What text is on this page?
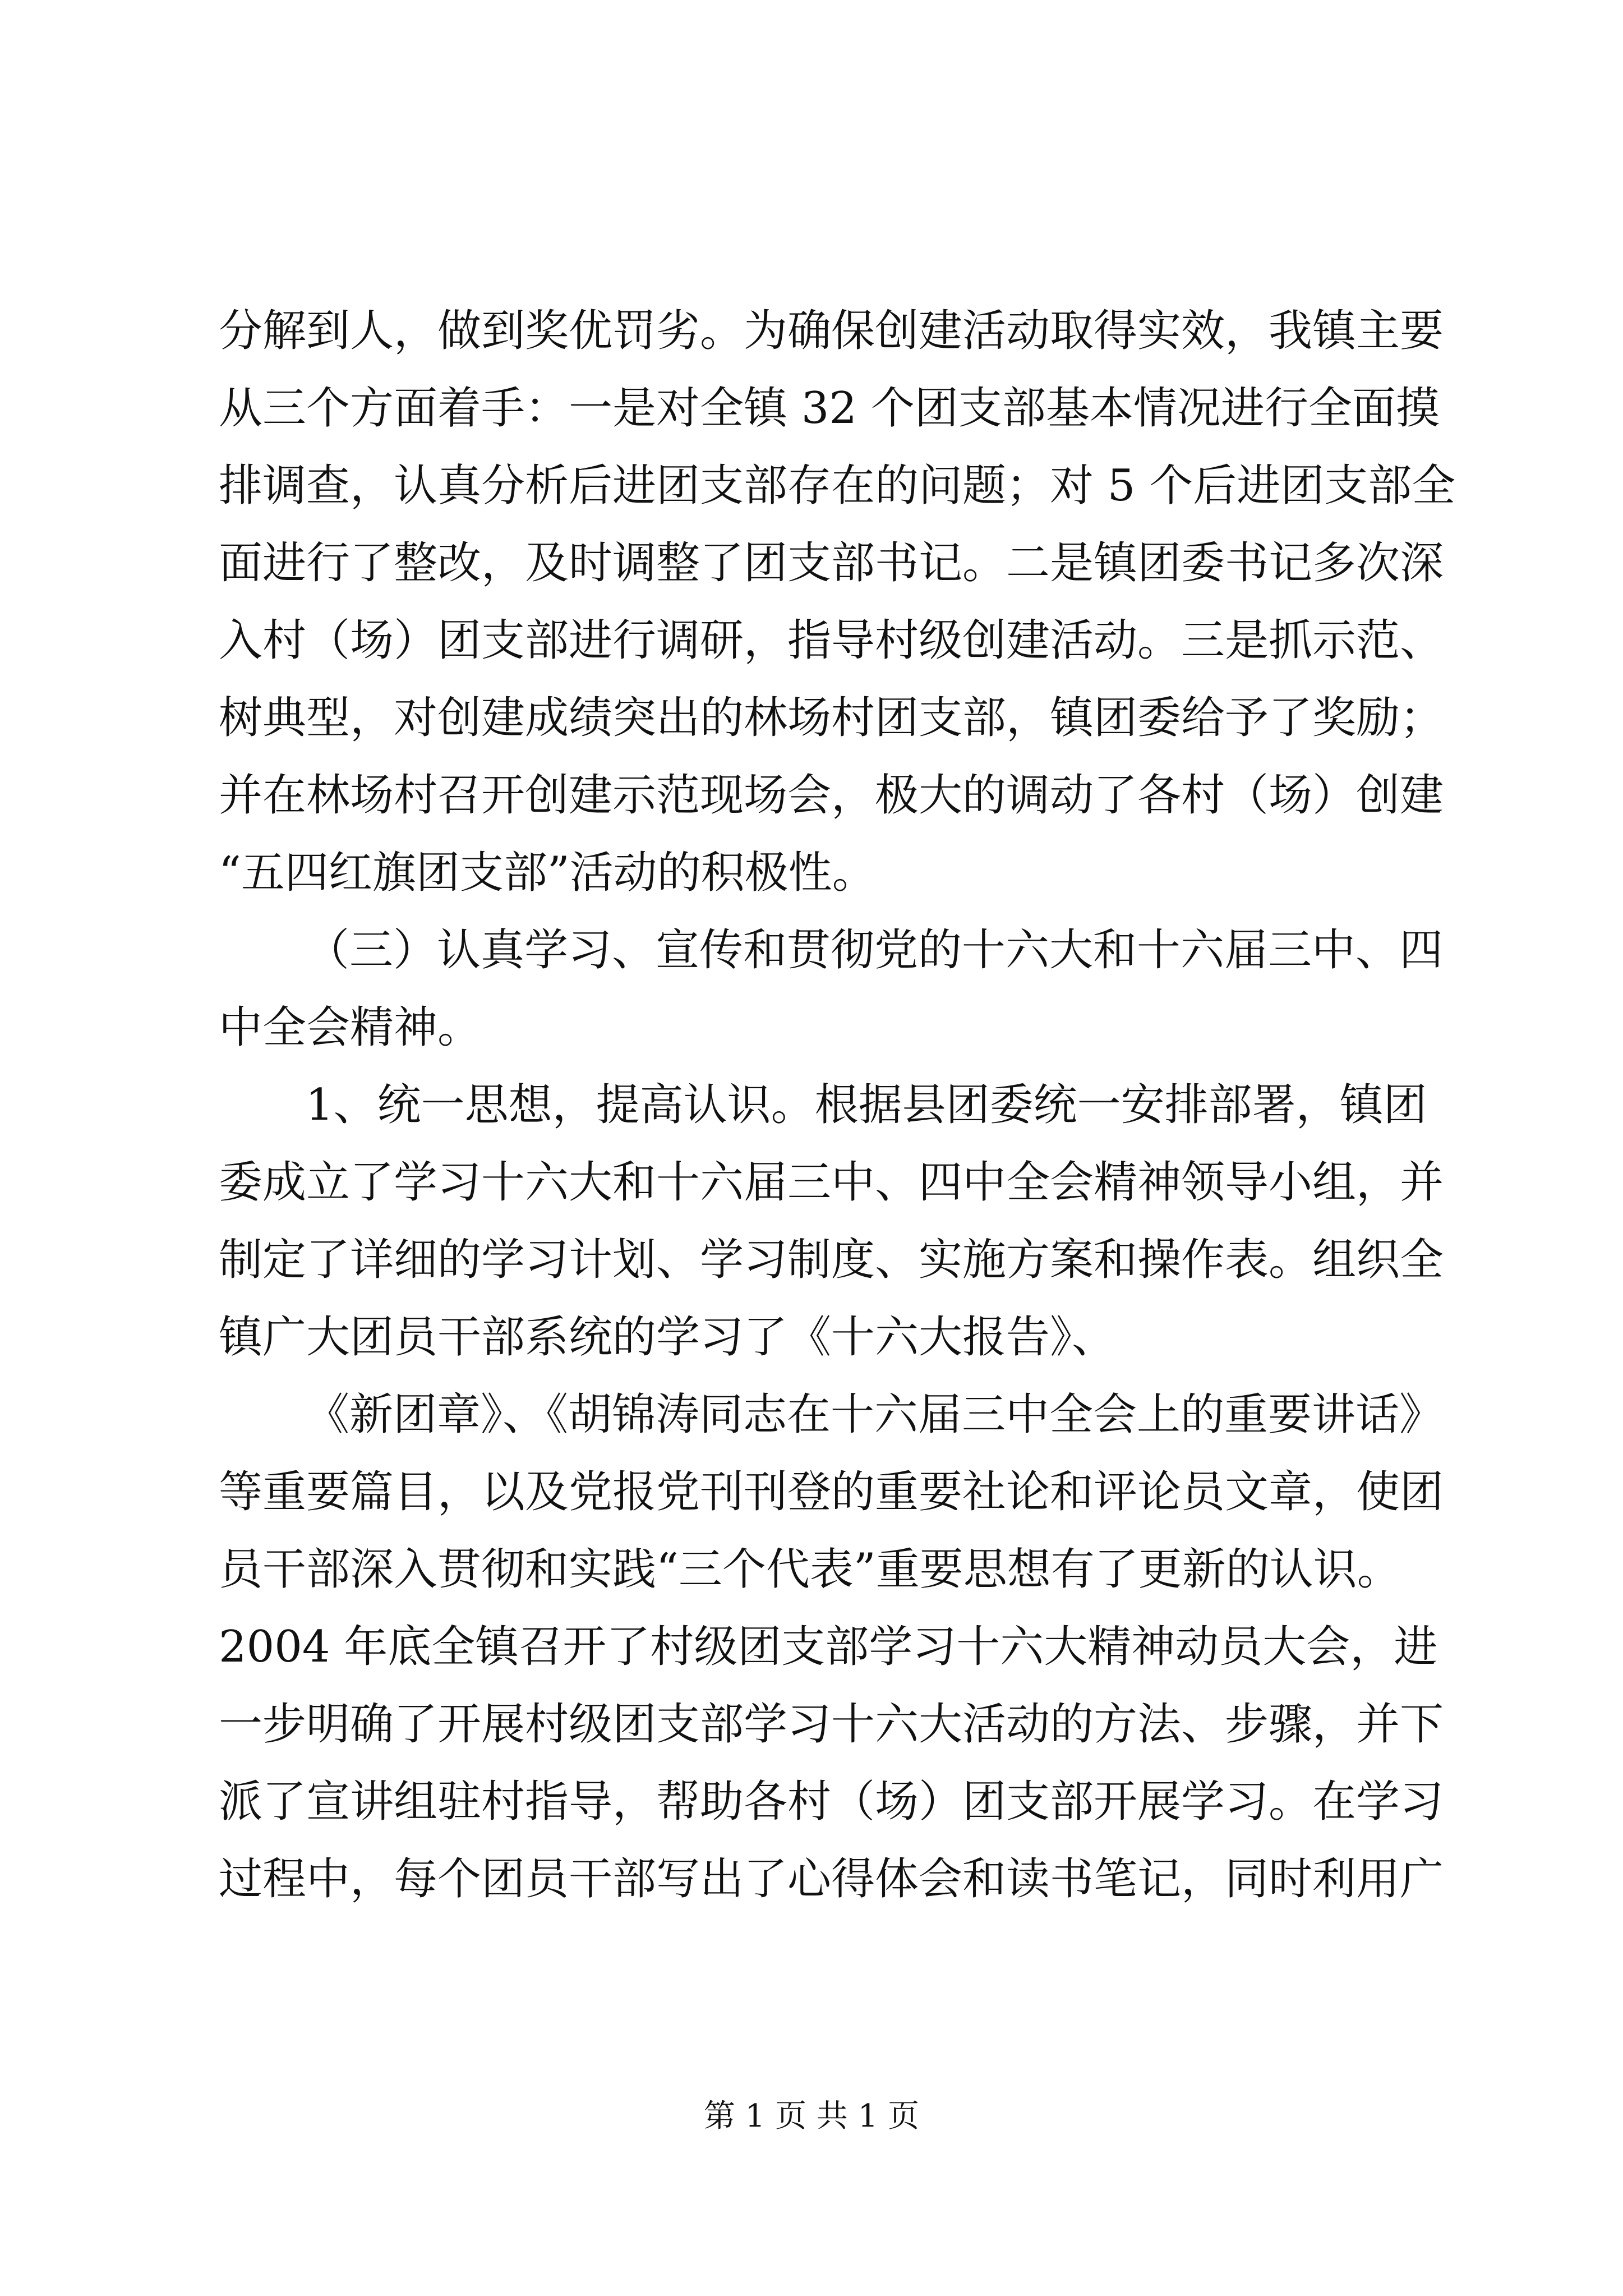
分解到人，做到奖优罚劣。为确保创建活动取得实效，我镇主要
从三个方面着手：一是对全镇 32 个团支部基本情况进行全面摸
排调查，认真分析后进团支部存在的问题；对 5 个后进团支部全
面进行了整改，及时调整了团支部书记。二是镇团委书记多次深
入村（场）团支部进行调研，指导村级创建活动。三是抓示范、
树典型，对创建成绩突出的林场村团支部，镇团委给予了奖励；
并在林场村召开创建示范现场会，极大的调动了各村（场）创建
“五四红旗团支部”活动的积极性。
（三）认真学习、宣传和贯彻党的十六大和十六届三中、四
中全会精神。
1、统一思想，提高认识。根据县团委统一安排部署，镇团
委成立了学习十六大和十六届三中、四中全会精神领导小组，并
制定了详细的学习计划、学习制度、实施方案和操作表。组织全
镇广大团员干部系统的学习了《十六大报告》、
《新团章》、《胡锦涛同志在十六届三中全会上的重要讲话》
等重要篇目，以及党报党刊刊登的重要社论和评论员文章，使团
员干部深入贯彻和实践“三个代表”重要思想有了更新的认识。
2004 年底全镇召开了村级团支部学习十六大精神动员大会，进
一步明确了开展村级团支部学习十六大活动的方法、步骤，并下
派了宣讲组驻村指导，帮助各村（场）团支部开展学习。在学习
过程中，每个团员干部写出了心得体会和读书笔记，同时利用广
第 1 页 共 1 页
